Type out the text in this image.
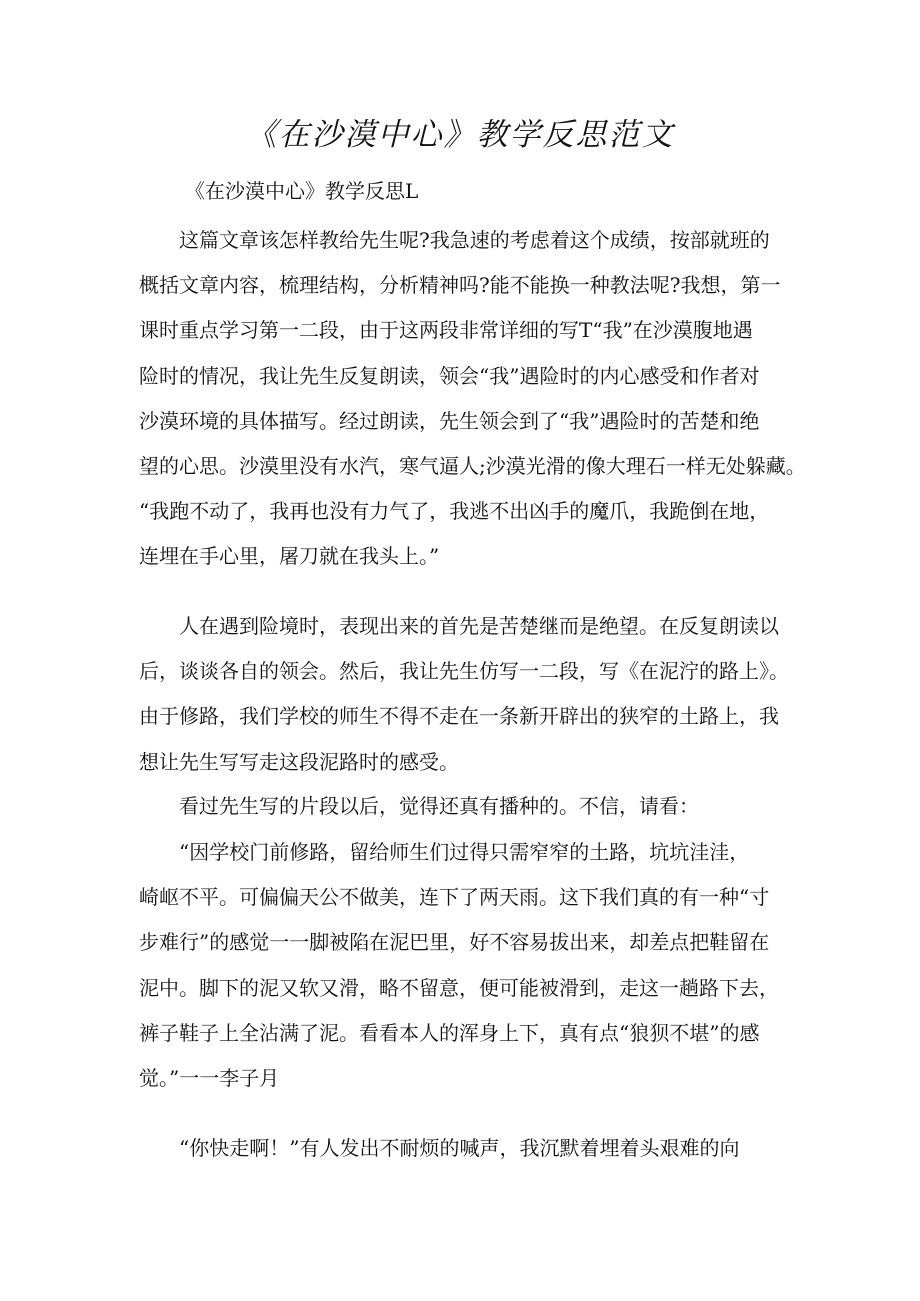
《在沙漠中心》教学反思范文

《在沙漠中心》教学反思L

这篇文章该怎样教给先生呢?我急速的考虑着这个成绩，按部就班的
概括文章内容，梳理结构，分析精神吗?能不能换一种教法呢?我想，第一
课时重点学习第一二段，由于这两段非常详细的写T“我”在沙漠腹地遇
险时的情况，我让先生反复朗读，领会“我”遇险时的内心感受和作者对
沙漠环境的具体描写。经过朗读，先生领会到了“我”遇险时的苦楚和绝
望的心思。沙漠里没有水汽，寒气逼人;沙漠光滑的像大理石一样无处躲藏。
“我跑不动了，我再也没有力气了，我逃不出凶手的魔爪，我跪倒在地，
连埋在手心里，屠刀就在我头上。”
人在遇到险境时，表现出来的首先是苦楚继而是绝望。在反复朗读以
后，谈谈各自的领会。然后，我让先生仿写一二段，写《在泥泞的路上》。
由于修路，我们学校的师生不得不走在一条新开辟出的狭窄的土路上，我
想让先生写写走这段泥路时的感受。
看过先生写的片段以后，觉得还真有播种的。不信，请看：
“因学校门前修路，留给师生们过得只需窄窄的土路，坑坑洼洼，
崎岖不平。可偏偏天公不做美，连下了两天雨。这下我们真的有一种“寸
步难行”的感觉一一脚被陷在泥巴里，好不容易拔出来，却差点把鞋留在
泥中。脚下的泥又软又滑，略不留意，便可能被滑到，走这一趟路下去，
裤子鞋子上全沾满了泥。看看本人的浑身上下，真有点“狼狈不堪”的感
觉。”一一李子月
“你快走啊！”有人发出不耐烦的喊声，我沉默着埋着头艰难的向
